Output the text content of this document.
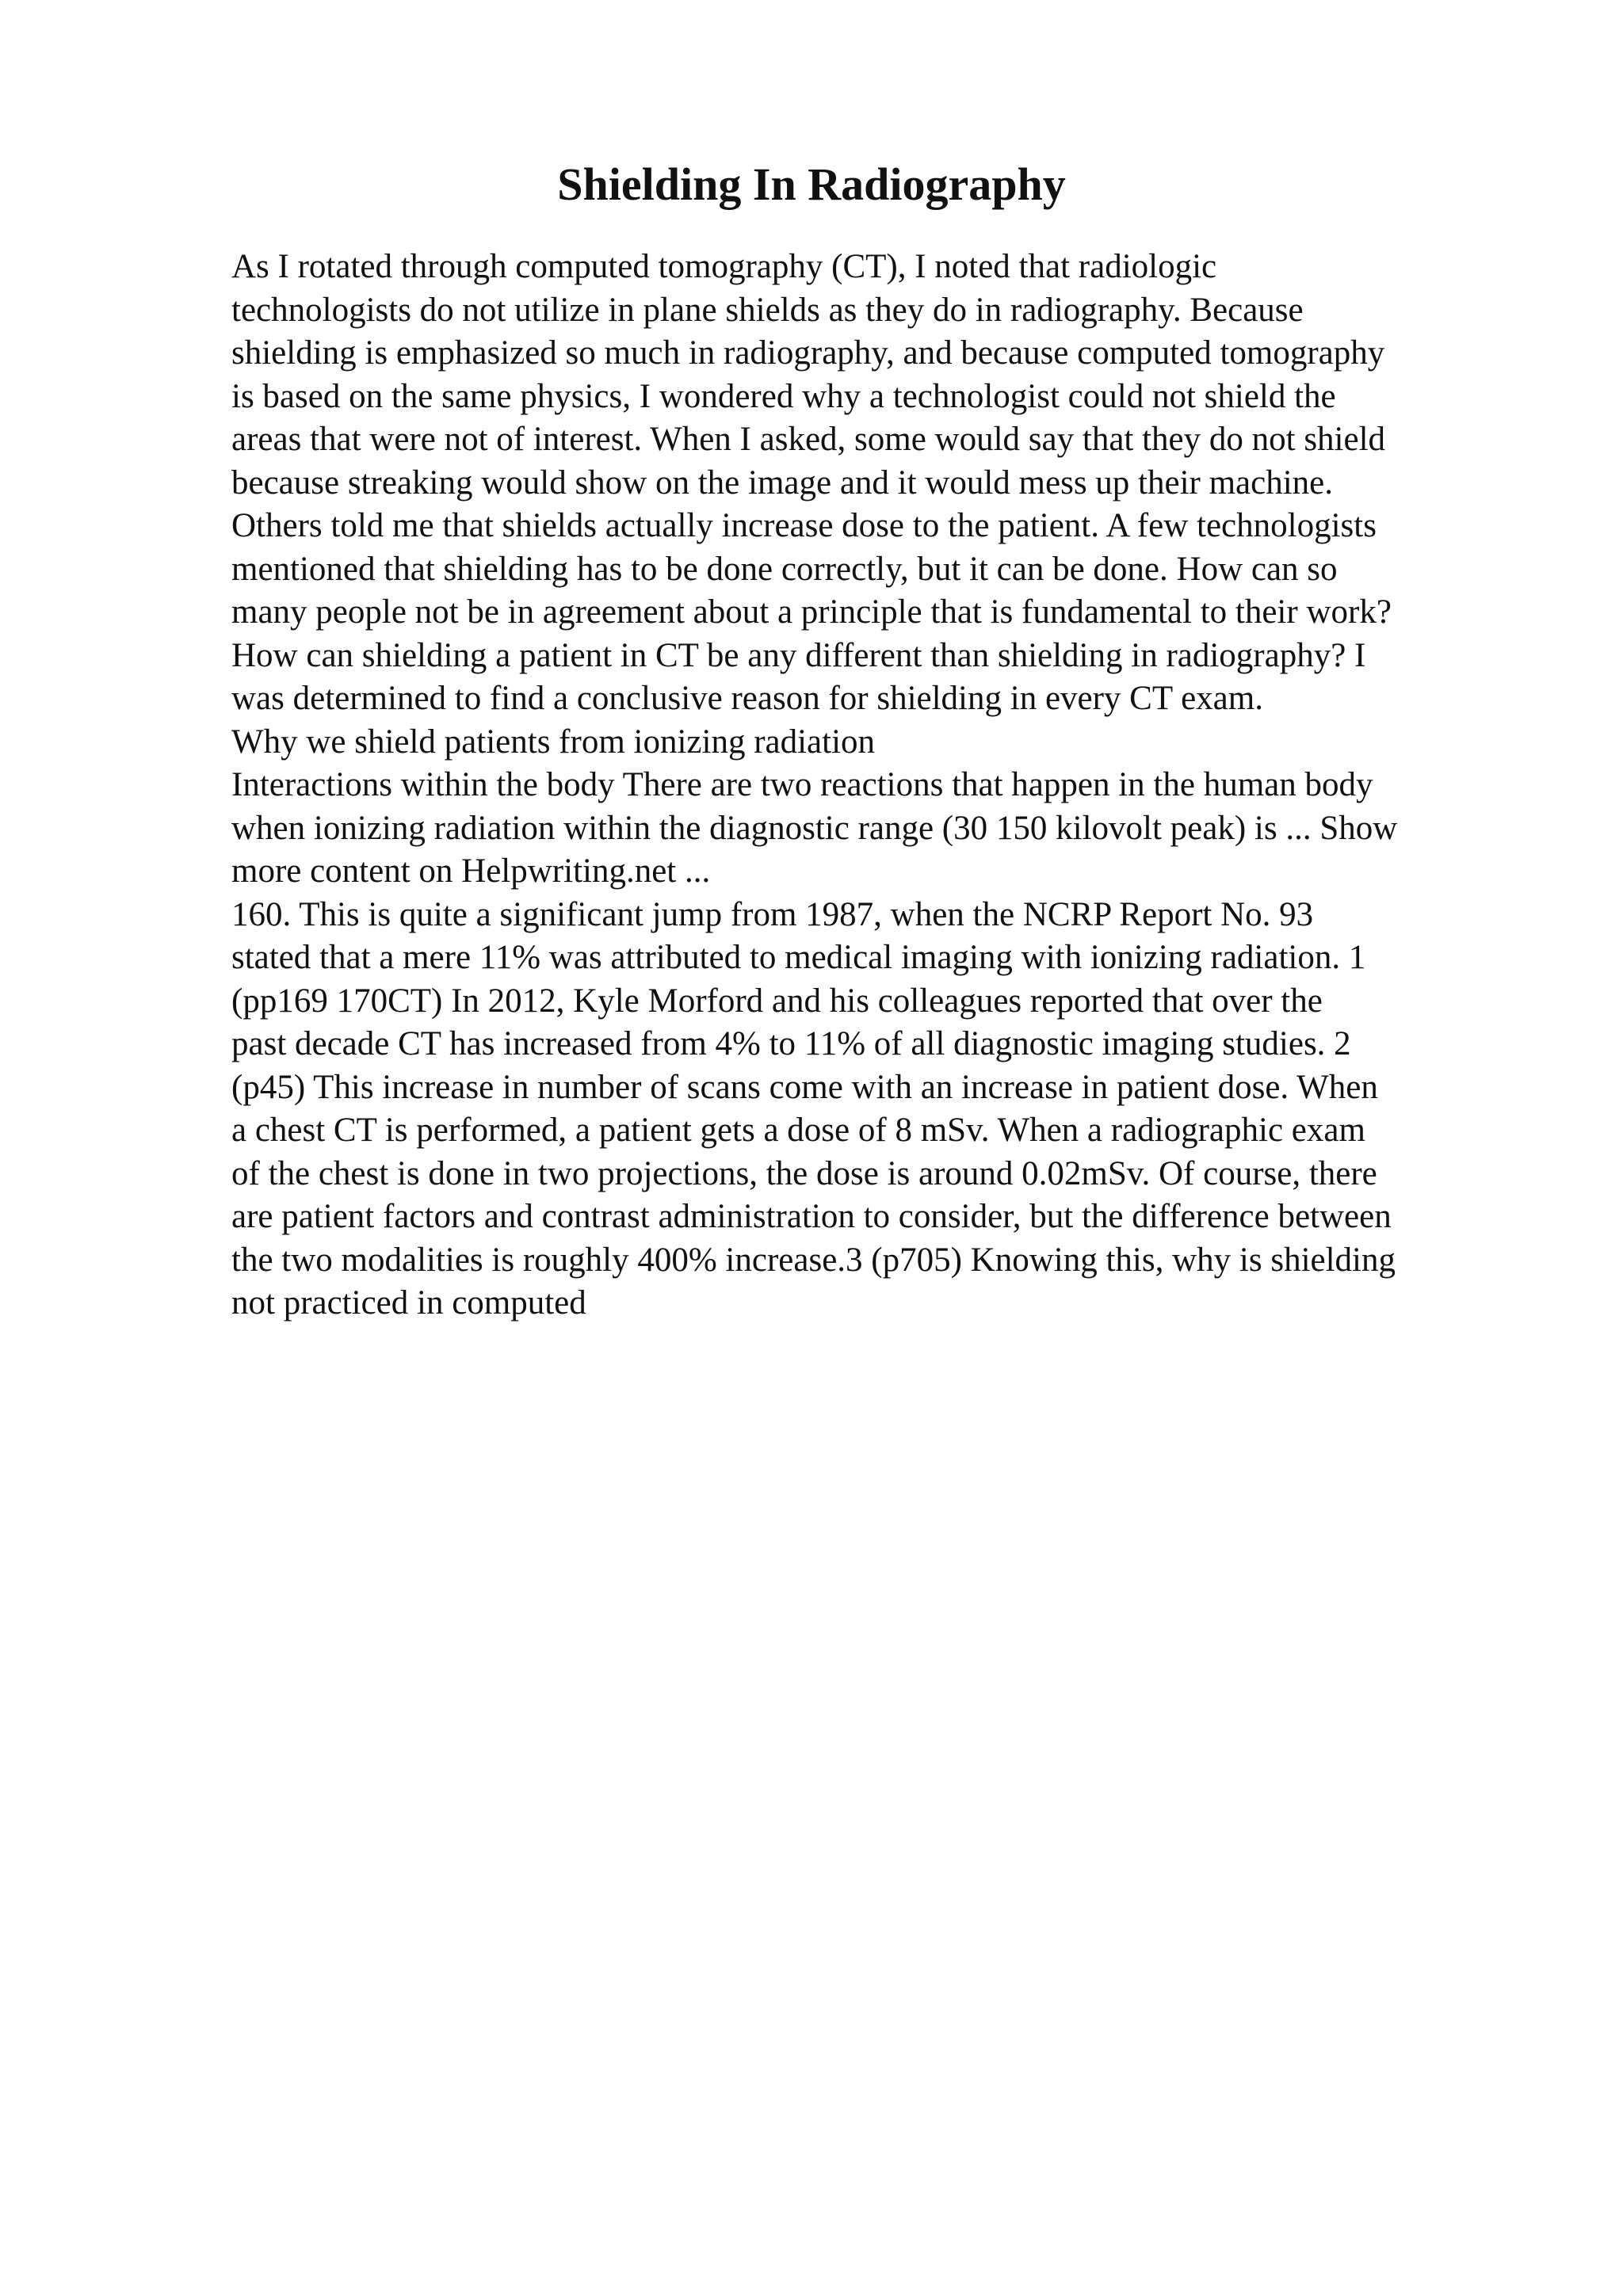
Shielding In Radiography
As I rotated through computed tomography (CT), I noted that radiologic
technologists do not utilize in plane shields as they do in radiography. Because
shielding is emphasized so much in radiography, and because computed tomography
is based on the same physics, I wondered why a technologist could not shield the
areas that were not of interest. When I asked, some would say that they do not shield
because streaking would show on the image and it would mess up their machine.
Others told me that shields actually increase dose to the patient. A few technologists
mentioned that shielding has to be done correctly, but it can be done. How can so
many people not be in agreement about a principle that is fundamental to their work?
How can shielding a patient in CT be any different than shielding in radiography? I
was determined to find a conclusive reason for shielding in every CT exam.
Why we shield patients from ionizing radiation
Interactions within the body There are two reactions that happen in the human body
when ionizing radiation within the diagnostic range (30 150 kilovolt peak) is ... Show
more content on Helpwriting.net ...
160. This is quite a significant jump from 1987, when the NCRP Report No. 93
stated that a mere 11% was attributed to medical imaging with ionizing radiation. 1
(pp169 170CT) In 2012, Kyle Morford and his colleagues reported that over the
past decade CT has increased from 4% to 11% of all diagnostic imaging studies. 2
(p45) This increase in number of scans come with an increase in patient dose. When
a chest CT is performed, a patient gets a dose of 8 mSv. When a radiographic exam
of the chest is done in two projections, the dose is around 0.02mSv. Of course, there
are patient factors and contrast administration to consider, but the difference between
the two modalities is roughly 400% increase.3 (p705) Knowing this, why is shielding
not practiced in computed
